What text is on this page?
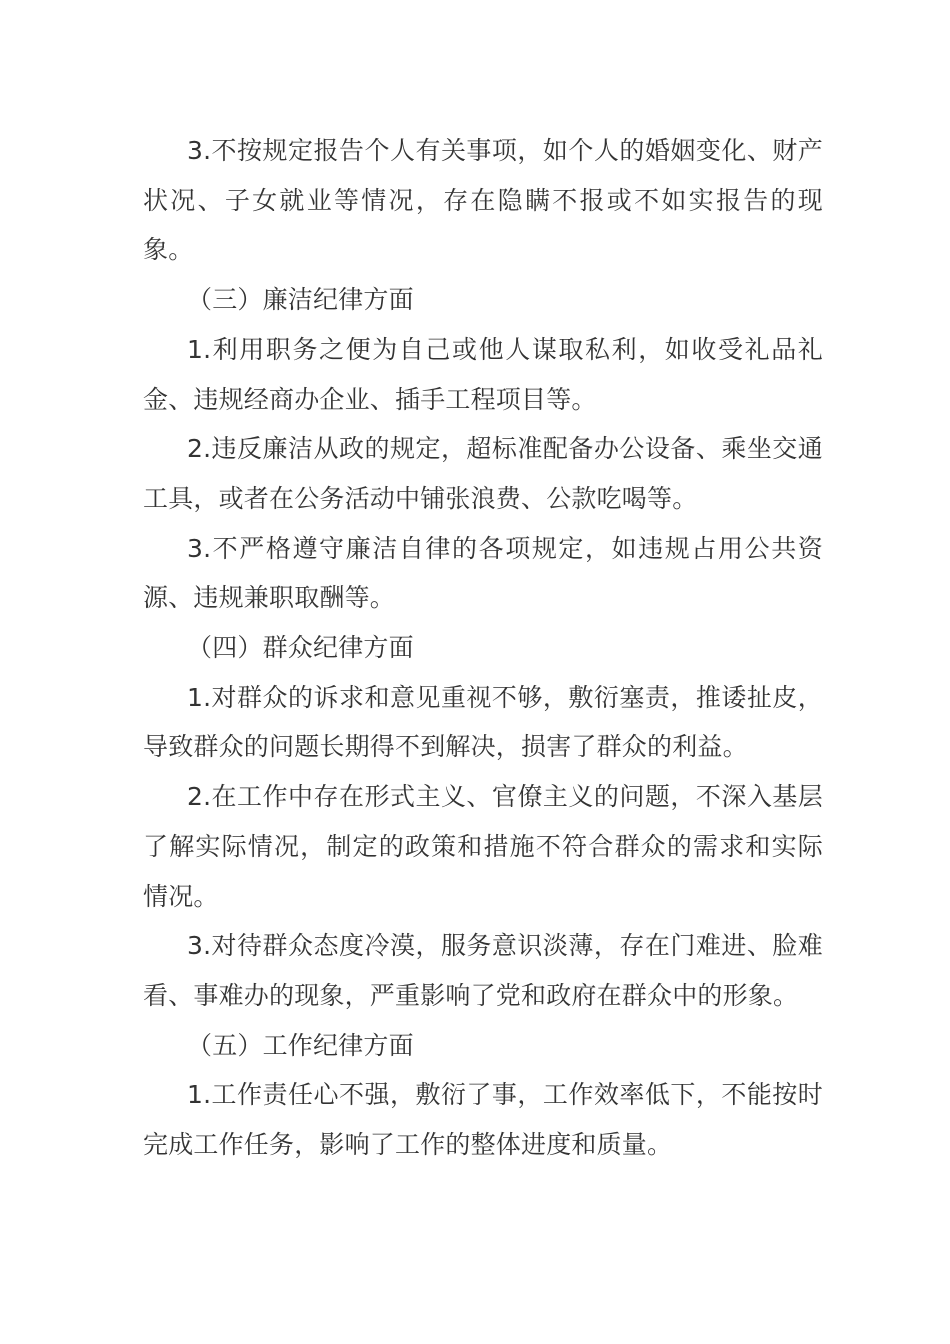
3.不按规定报告个人有关事项，如个人的婚姻变化、财产状况、子女就业等情况，存在隐瞒不报或不如实报告的现象。

（三）廉洁纪律方面

1.利用职务之便为自己或他人谋取私利，如收受礼品礼金、违规经商办企业、插手工程项目等。

2.违反廉洁从政的规定，超标准配备办公设备、乘坐交通工具，或者在公务活动中铺张浪费、公款吃喝等。

3.不严格遵守廉洁自律的各项规定，如违规占用公共资源、违规兼职取酬等。

（四）群众纪律方面

1.对群众的诉求和意见重视不够，敷衍塞责，推诿扯皮，导致群众的问题长期得不到解决，损害了群众的利益。

2.在工作中存在形式主义、官僚主义的问题，不深入基层了解实际情况，制定的政策和措施不符合群众的需求和实际情况。

3.对待群众态度冷漠，服务意识淡薄，存在门难进、脸难看、事难办的现象，严重影响了党和政府在群众中的形象。

（五）工作纪律方面

1.工作责任心不强，敷衍了事，工作效率低下，不能按时完成工作任务，影响了工作的整体进度和质量。
